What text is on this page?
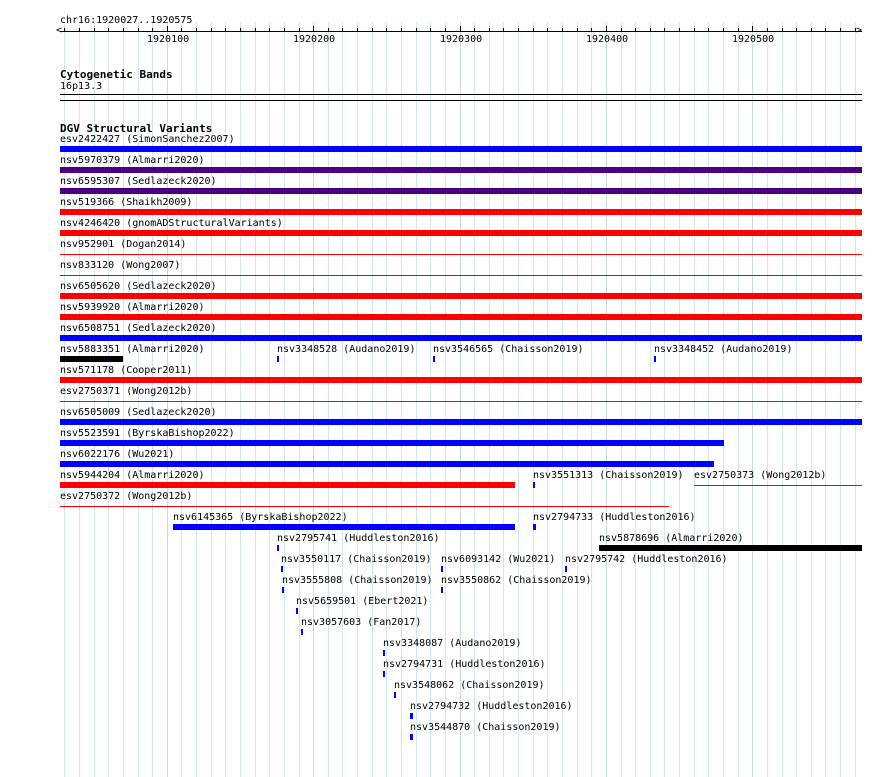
chr16:1920027..1920575
<	>
1920100	1920200	1920300	1920400	1920500
Cytogenetic Bands
16p13.3
DGV Structural Variants
esv2422427 (SimonSanchez2007)
nsv5970379 (Almarri2020)
nsv6595307 (Sedlazeck2020)
nsv519366 (Shaikh2009)
nsv4246420 (gnomADStructuralVariants)
nsv952901 (Dogan2014)
nsv833120 (Wong2007)
nsv6505620 (Sedlazeck2020)
nsv5939920 (Almarri2020)
nsv6508751 (Sedlazeck2020)
nsv5883351 (Almarri2020)	nsv3348528 (Audano2019) nsv3546565 (Chaisson2019)	nsv3348452 (Audano2019)
nsv571178 (Cooper2011)
esv2750371 (Wong2012b)
nsv6505009 (Sedlazeck2020)
nsv5523591 (ByrskaBishop2022)
nsv6022176 (Wu2021)
nsv5944204 (Almarri2020)	nsv3551313 (Chaisson2019) esv2750373 (Wong2012b)
esv2750372 (Wong2012b)
nsv6145365 (ByrskaBishop2022)	nsv2794733 (Huddleston2016)
nsv2795741 (Huddleston2016)	nsv5878696 (Almarri2020)
nsv3550117 (Chaisson2019) nsv6093142 (Wu2021) nsv2795742 (Huddleston2016)
nsv3555808 (Chaisson2019) nsv3550862 (Chaisson2019)
nsv5659501 (Ebert2021)
nsv3057603 (Fan2017)
nsv3348087 (Audano2019)
nsv2794731 (Huddleston2016)
nsv3548062 (Chaisson2019)
nsv2794732 (Huddleston2016)
nsv3544870 (Chaisson2019)
